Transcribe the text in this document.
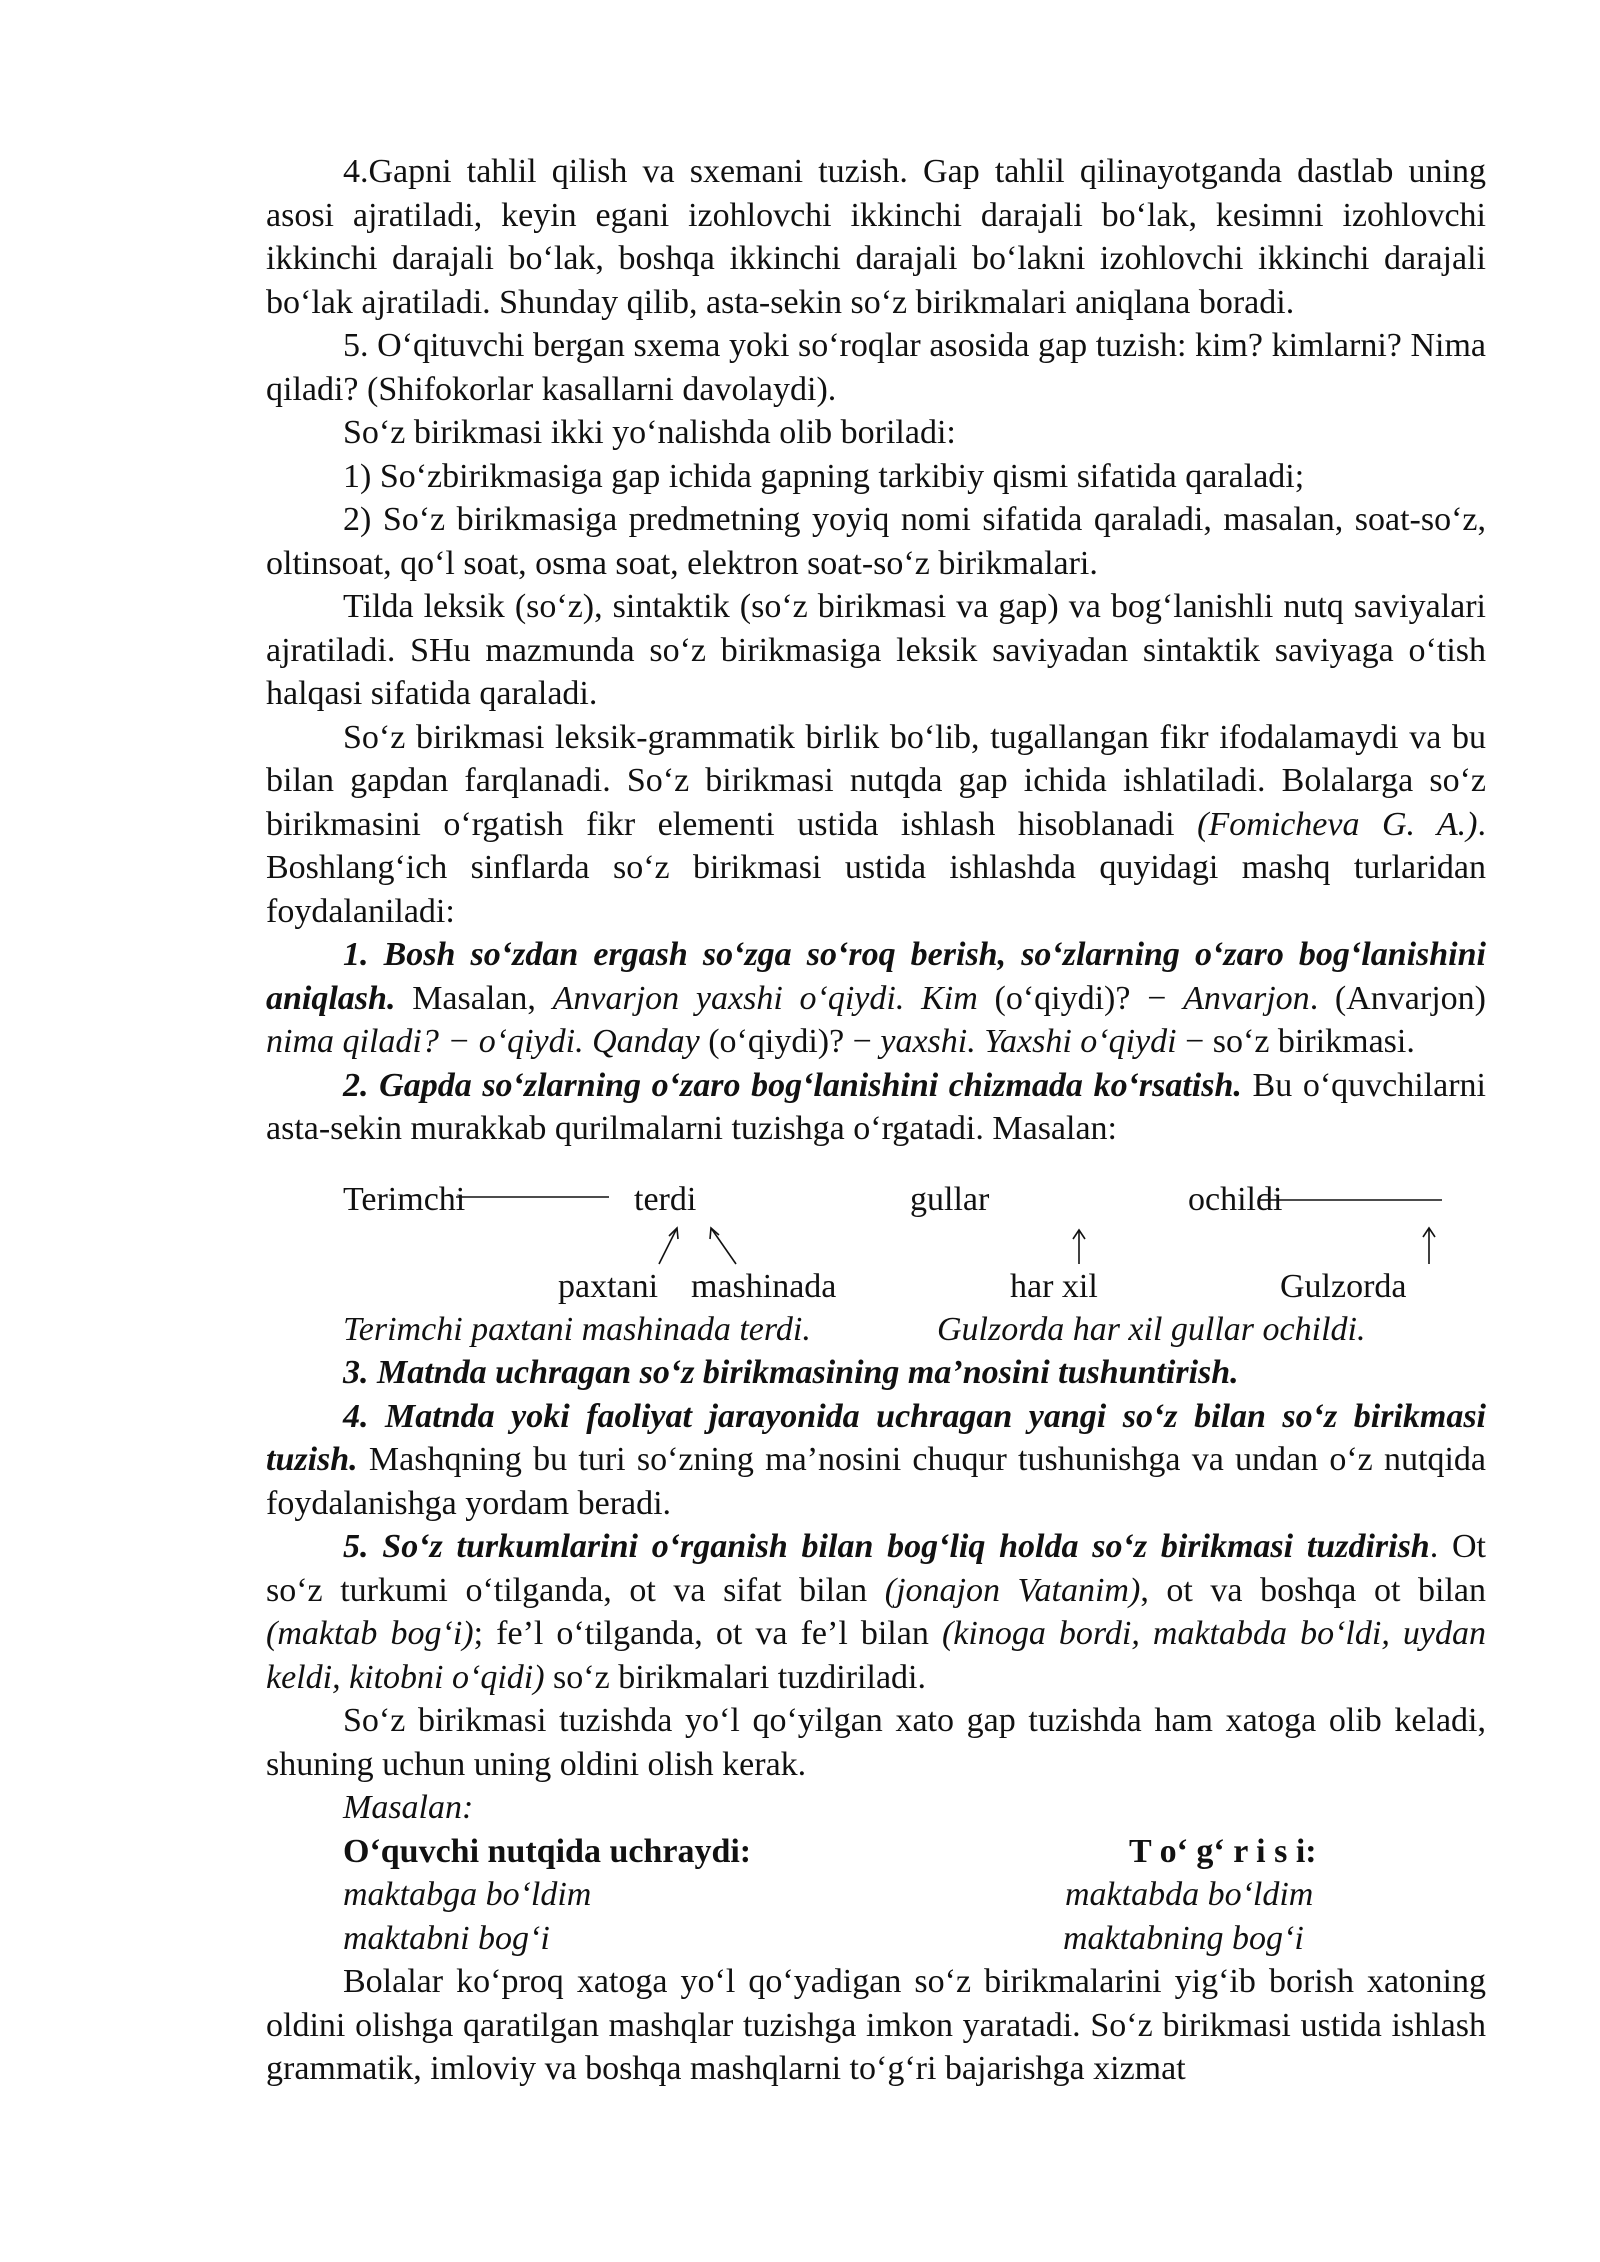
4.Gapni tahlil qilish va sxemani tuzish. Gap tahlil qilinayotganda dastlab uning asosi ajratiladi, keyin egani izohlovchi ikkinchi darajali bo‘lak, kesimni izohlovchi ikkinchi darajali bo‘lak, boshqa ikkinchi darajali bo‘lakni izohlovchi ikkinchi darajali bo‘lak ajratiladi. Shunday qilib, asta-sekin so‘z birikmalari aniqlana boradi.

5. O‘qituvchi bergan sxema yoki so‘roqlar asosida gap tuzish: kim? kimlarni? Nima qiladi? (Shifokorlar kasallarni davolaydi).

So‘z birikmasi ikki yo‘nalishda olib boriladi:

1) So‘zbirikmasiga gap ichida gapning tarkibiy qismi sifatida qaraladi;

2) So‘z birikmasiga predmetning yoyiq nomi sifatida qaraladi, masalan, soat-so‘z, oltinsoat, qo‘l soat, osma soat, elektron soat-so‘z birikmalari.

Tilda leksik (so‘z), sintaktik (so‘z birikmasi va gap) va bog‘lanishli nutq saviyalari ajratiladi. SHu mazmunda so‘z birikmasiga leksik saviyadan sintaktik saviyaga o‘tish halqasi sifatida qaraladi.

So‘z birikmasi leksik-grammatik birlik bo‘lib, tugallangan fikr ifodalamaydi va bu bilan gapdan farqlanadi. So‘z birikmasi nutqda gap ichida ishlatiladi. Bolalarga so‘z birikmasini o‘rgatish fikr elementi ustida ishlash hisoblanadi (Fomicheva G. A.). Boshlang‘ich sinflarda so‘z birikmasi ustida ishlashda quyidagi mashq turlaridan foydalaniladi:

1. Bosh so‘zdan ergash so‘zga so‘roq berish, so‘zlarning o‘zaro bog‘lanishini aniqlash. Masalan, Anvarjon yaxshi o‘qiydi. Kim (o‘qiydi)? − Anvarjon. (Anvarjon) nima qiladi? − o‘qiydi. Qanday (o‘qiydi)? − yaxshi. Yaxshi o‘qiydi − so‘z birikmasi.

2. Gapda so‘zlarning o‘zaro bog‘lanishini chizmada ko‘rsatish. Bu o‘quvchilarni asta-sekin murakkab qurilmalarni tuzishga o‘rgatadi. Masalan:

Terimchi	terdi	gullar	ochildi
paxtani mashinada	har xil	Gulzorda
Terimchi paxtani mashinada terdi.	Gulzorda har xil gullar ochildi.

3. Matnda uchragan so‘z birikmasining ma’nosini tushuntirish.

4. Matnda yoki faoliyat jarayonida uchragan yangi so‘z bilan so‘z birikmasi tuzish. Mashqning bu turi so‘zning ma’nosini chuqur tushunishga va undan o‘z nutqida foydalanishga yordam beradi.

5. So‘z turkumlarini o‘rganish bilan bog‘liq holda so‘z birikmasi tuzdirish. Ot so‘z turkumi o‘tilganda, ot va sifat bilan (jonajon Vatanim), ot va boshqa ot bilan (maktab bog‘i); fe’l o‘tilganda, ot va fe’l bilan (kinoga bordi, maktabda bo‘ldi, uydan keldi, kitobni o‘qidi) so‘z birikmalari tuzdiriladi.

So‘z birikmasi tuzishda yo‘l qo‘yilgan xato gap tuzishda ham xatoga olib keladi, shuning uchun uning oldini olish kerak.

Masalan:

O‘quvchi nutqida uchraydi:	T o‘ g‘ r i s i:
maktabga bo‘ldim	maktabda bo‘ldim
maktabni bog‘i	maktabning bog‘i

Bolalar ko‘proq xatoga yo‘l qo‘yadigan so‘z birikmalarini yig‘ib borish xatoning oldini olishga qaratilgan mashqlar tuzishga imkon yaratadi. So‘z birikmasi ustida ishlash grammatik, imloviy va boshqa mashqlarni to‘g‘ri bajarishga xizmat
